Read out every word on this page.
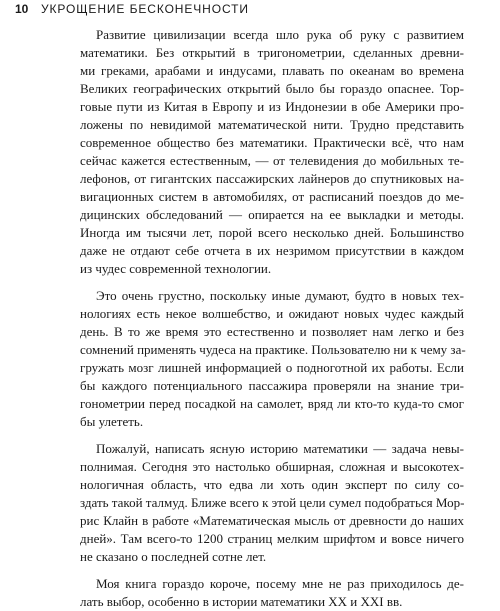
10 УКРОЩЕНИЕ БЕСКОНЕЧНОСТИ
Развитие цивилизации всегда шло рука об руку с развитием
математики. Без открытий в тригонометрии, сделанных древни-
ми греками, арабами и индусами, плавать по океанам во времена
Великих географических открытий было бы гораздо опаснее. Тор-
говые пути из Китая в Европу и из Индонезии в обе Америки про-
ложены по невидимой математической нити. Трудно представить
современное общество без математики. Практически всё, что нам
сейчас кажется естественным, — от телевидения до мобильных те-
лефонов, от гигантских пассажирских лайнеров до спутниковых на-
вигационных систем в автомобилях, от расписаний поездов до ме-
дицинских обследований — опирается на ее выкладки и методы.
Иногда им тысячи лет, порой всего несколько дней. Большинство
даже не отдают себе отчета в их незримом присутствии в каждом
из чудес современной технологии.
Это очень грустно, поскольку иные думают, будто в новых тех-
нологиях есть некое волшебство, и ожидают новых чудес каждый
день. В то же время это естественно и позволяет нам легко и без
сомнений применять чудеса на практике. Пользователю ни к чему за-
гружать мозг лишней информацией о подноготной их работы. Если
бы каждого потенциального пассажира проверяли на знание три-
гонометрии перед посадкой на самолет, вряд ли кто-то куда-то смог
бы улететь.
Пожалуй, написать ясную историю математики — задача невы-
полнимая. Сегодня это настолько обширная, сложная и высокотех-
нологичная область, что едва ли хоть один эксперт по силу со-
здать такой талмуд. Ближе всего к этой цели сумел подобраться Мор-
рис Клайн в работе «Математическая мысль от древности до наших
дней». Там всего-то 1200 страниц мелким шрифтом и вовсе ничего
не сказано о последней сотне лет.
Моя книга гораздо короче, посему мне не раз приходилось де-
лать выбор, особенно в истории математики XX и XXI вв.
